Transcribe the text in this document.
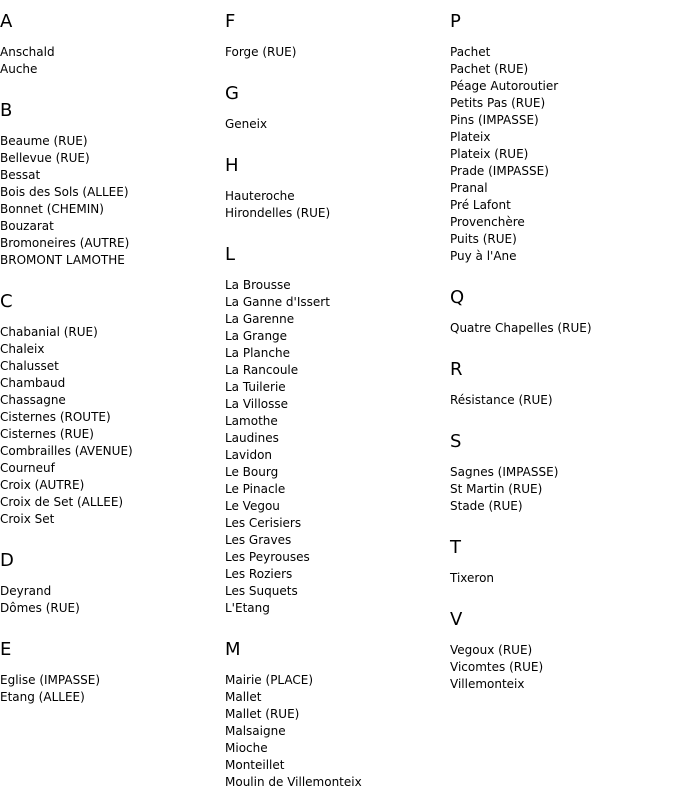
A
Anschald
Auche
B
Beaume (RUE)
Bellevue (RUE)
Bessat
Bois des Sols (ALLEE)
Bonnet (CHEMIN)
Bouzarat
Bromoneires (AUTRE)
BROMONT LAMOTHE
C
Chabanial (RUE)
Chaleix
Chalusset
Chambaud
Chassagne
Cisternes (ROUTE)
Cisternes (RUE)
Combrailles (AVENUE)
Courneuf
Croix (AUTRE)
Croix de Set (ALLEE)
Croix Set
D
Deyrand
Dômes (RUE)
E
Eglise (IMPASSE)
Etang (ALLEE)
F
Forge (RUE)
G
Geneix
H
Hauteroche
Hirondelles (RUE)
L
La Brousse
La Ganne d'Issert
La Garenne
La Grange
La Planche
La Rancoule
La Tuilerie
La Villosse
Lamothe
Laudines
Lavidon
Le Bourg
Le Pinacle
Le Vegou
Les Cerisiers
Les Graves
Les Peyrouses
Les Roziers
Les Suquets
L'Etang
M
Mairie (PLACE)
Mallet
Mallet (RUE)
Malsaigne
Mioche
Monteillet
Moulin de Villemonteix
P
Pachet
Pachet (RUE)
Péage Autoroutier
Petits Pas (RUE)
Pins (IMPASSE)
Plateix
Plateix (RUE)
Prade (IMPASSE)
Pranal
Pré Lafont
Provenchère
Puits (RUE)
Puy à l'Ane
Q
Quatre Chapelles (RUE)
R
Résistance (RUE)
S
Sagnes (IMPASSE)
St Martin (RUE)
Stade (RUE)
T
Tixeron
V
Vegoux (RUE)
Vicomtes (RUE)
Villemonteix
